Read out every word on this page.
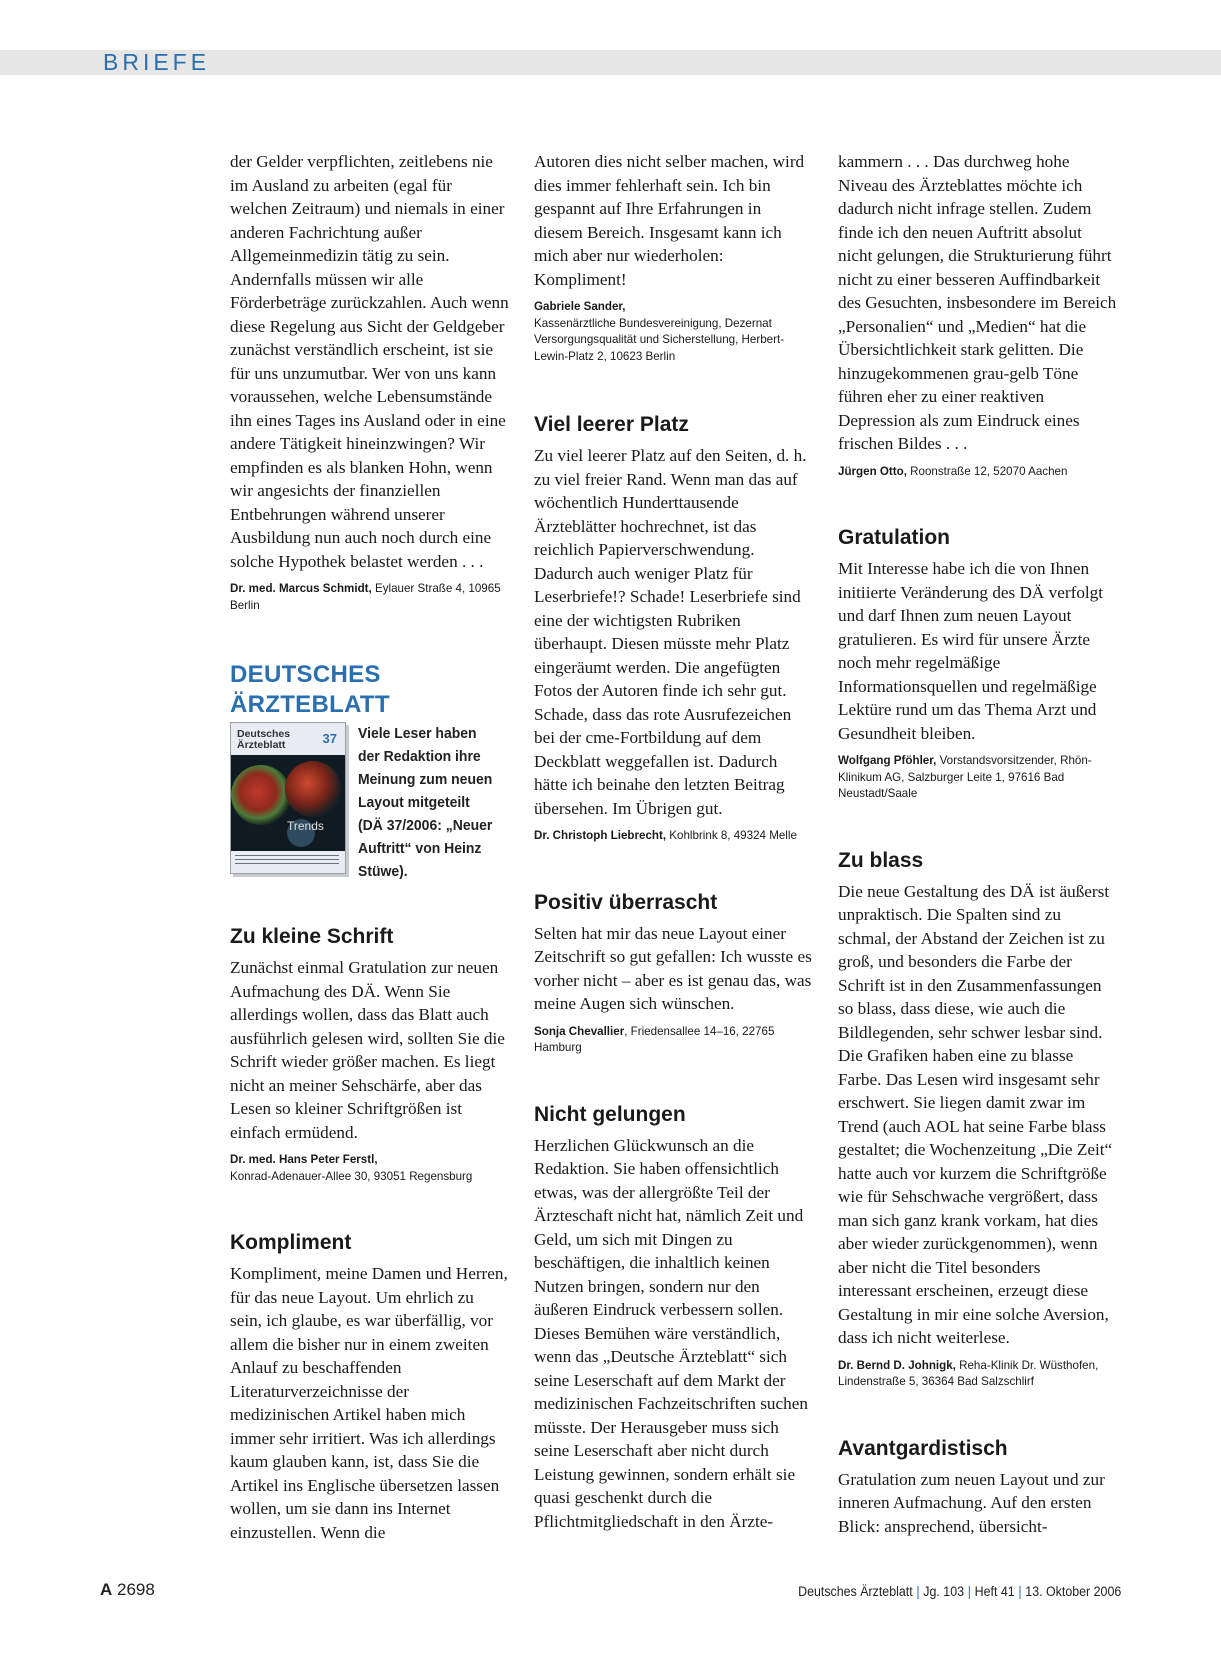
BRIEFE

der Gelder verpflichten, zeitlebens nie im Ausland zu arbeiten (egal für welchen Zeitraum) und niemals in einer anderen Fachrichtung außer Allgemeinmedizin tätig zu sein. Andernfalls müssen wir alle Förderbeträge zurückzahlen. Auch wenn diese Regelung aus Sicht der Geldgeber zunächst verständlich erscheint, ist sie für uns unzumutbar. Wer von uns kann voraussehen, welche Lebensumstände ihn eines Tages ins Ausland oder in eine andere Tätigkeit hineinzwingen? Wir empfinden es als blanken Hohn, wenn wir angesichts der finanziellen Entbehrungen während unserer Ausbildung nun auch noch durch eine solche Hypothek belastet werden . . .

Dr. med. Marcus Schmidt, Eylauer Straße 4, 10965 Berlin

DEUTSCHES ÄRZTEBLATT

Deutsches
Ärzteblatt	37
Trends

Viele Leser haben der Redaktion ihre Meinung zum neuen Layout mitgeteilt (DÄ 37/2006: „Neuer Auftritt“ von Heinz Stüwe).

Zu kleine Schrift

Zunächst einmal Gratulation zur neuen Aufmachung des DÄ. Wenn Sie allerdings wollen, dass das Blatt auch ausführlich gelesen wird, sollten Sie die Schrift wieder größer machen. Es liegt nicht an meiner Sehschärfe, aber das Lesen so kleiner Schriftgrößen ist einfach ermüdend.

Dr. med. Hans Peter Ferstl,
Konrad-Adenauer-Allee 30, 93051 Regensburg

Kompliment

Kompliment, meine Damen und Herren, für das neue Layout. Um ehrlich zu sein, ich glaube, es war überfällig, vor allem die bisher nur in einem zweiten Anlauf zu beschaffenden Literaturverzeichnisse der medizinischen Artikel haben mich immer sehr irritiert. Was ich allerdings kaum glauben kann, ist, dass Sie die Artikel ins Englische übersetzen lassen wollen, um sie dann ins Internet einzustellen. Wenn die

Autoren dies nicht selber machen, wird dies immer fehlerhaft sein. Ich bin gespannt auf Ihre Erfahrungen in diesem Bereich. Insgesamt kann ich mich aber nur wiederholen: Kompliment!

Gabriele Sander,
Kassenärztliche Bundesvereinigung, Dezernat Versorgungsqualität und Sicherstellung, Herbert-Lewin-Platz 2, 10623 Berlin

Viel leerer Platz

Zu viel leerer Platz auf den Seiten, d. h. zu viel freier Rand. Wenn man das auf wöchentlich Hunderttausende Ärzteblätter hochrechnet, ist das reichlich Papierverschwendung. Dadurch auch weniger Platz für Leserbriefe!? Schade! Leserbriefe sind eine der wichtigsten Rubriken überhaupt. Diesen müsste mehr Platz eingeräumt werden. Die angefügten Fotos der Autoren finde ich sehr gut. Schade, dass das rote Ausrufezeichen bei der cme-Fortbildung auf dem Deckblatt weggefallen ist. Dadurch hätte ich beinahe den letzten Beitrag übersehen. Im Übrigen gut.

Dr. Christoph Liebrecht, Kohlbrink 8, 49324 Melle

Positiv überrascht

Selten hat mir das neue Layout einer Zeitschrift so gut gefallen: Ich wusste es vorher nicht – aber es ist genau das, was meine Augen sich wünschen.

Sonja Chevallier, Friedensallee 14–16, 22765 Hamburg

Nicht gelungen

Herzlichen Glückwunsch an die Redaktion. Sie haben offensichtlich etwas, was der allergrößte Teil der Ärzteschaft nicht hat, nämlich Zeit und Geld, um sich mit Dingen zu beschäftigen, die inhaltlich keinen Nutzen bringen, sondern nur den äußeren Eindruck verbessern sollen. Dieses Bemühen wäre verständlich, wenn das „Deutsche Ärzteblatt“ sich seine Leserschaft auf dem Markt der medizinischen Fachzeitschriften suchen müsste. Der Herausgeber muss sich seine Leserschaft aber nicht durch Leistung gewinnen, sondern erhält sie quasi geschenkt durch die Pflichtmitgliedschaft in den Ärzte-

kammern . . . Das durchweg hohe Niveau des Ärzteblattes möchte ich dadurch nicht infrage stellen. Zudem finde ich den neuen Auftritt absolut nicht gelungen, die Strukturierung führt nicht zu einer besseren Auffindbarkeit des Gesuchten, insbesondere im Bereich „Personalien“ und „Medien“ hat die Übersichtlichkeit stark gelitten. Die hinzugekommenen grau-gelb Töne führen eher zu einer reaktiven Depression als zum Eindruck eines frischen Bildes . . .

Jürgen Otto, Roonstraße 12, 52070 Aachen

Gratulation

Mit Interesse habe ich die von Ihnen initiierte Veränderung des DÄ verfolgt und darf Ihnen zum neuen Layout gratulieren. Es wird für unsere Ärzte noch mehr regelmäßige Informationsquellen und regelmäßige Lektüre rund um das Thema Arzt und Gesundheit bleiben.

Wolfgang Pföhler, Vorstandsvorsitzender, Rhön-Klinikum AG, Salzburger Leite 1, 97616 Bad Neustadt/Saale

Zu blass

Die neue Gestaltung des DÄ ist äußerst unpraktisch. Die Spalten sind zu schmal, der Abstand der Zeichen ist zu groß, und besonders die Farbe der Schrift ist in den Zusammenfassungen so blass, dass diese, wie auch die Bildlegenden, sehr schwer lesbar sind. Die Grafiken haben eine zu blasse Farbe. Das Lesen wird insgesamt sehr erschwert. Sie liegen damit zwar im Trend (auch AOL hat seine Farbe blass gestaltet; die Wochenzeitung „Die Zeit“ hatte auch vor kurzem die Schriftgröße wie für Sehschwache vergrößert, dass man sich ganz krank vorkam, hat dies aber wieder zurückgenommen), wenn aber nicht die Titel besonders interessant erscheinen, erzeugt diese Gestaltung in mir eine solche Aversion, dass ich nicht weiterlese.

Dr. Bernd D. Johnigk, Reha-Klinik Dr. Wüsthofen, Lindenstraße 5, 36364 Bad Salzschlirf

Avantgardistisch

Gratulation zum neuen Layout und zur inneren Aufmachung. Auf den ersten Blick: ansprechend, übersicht-

A 2698	Deutsches Ärzteblatt | Jg. 103 | Heft 41 | 13. Oktober 2006
